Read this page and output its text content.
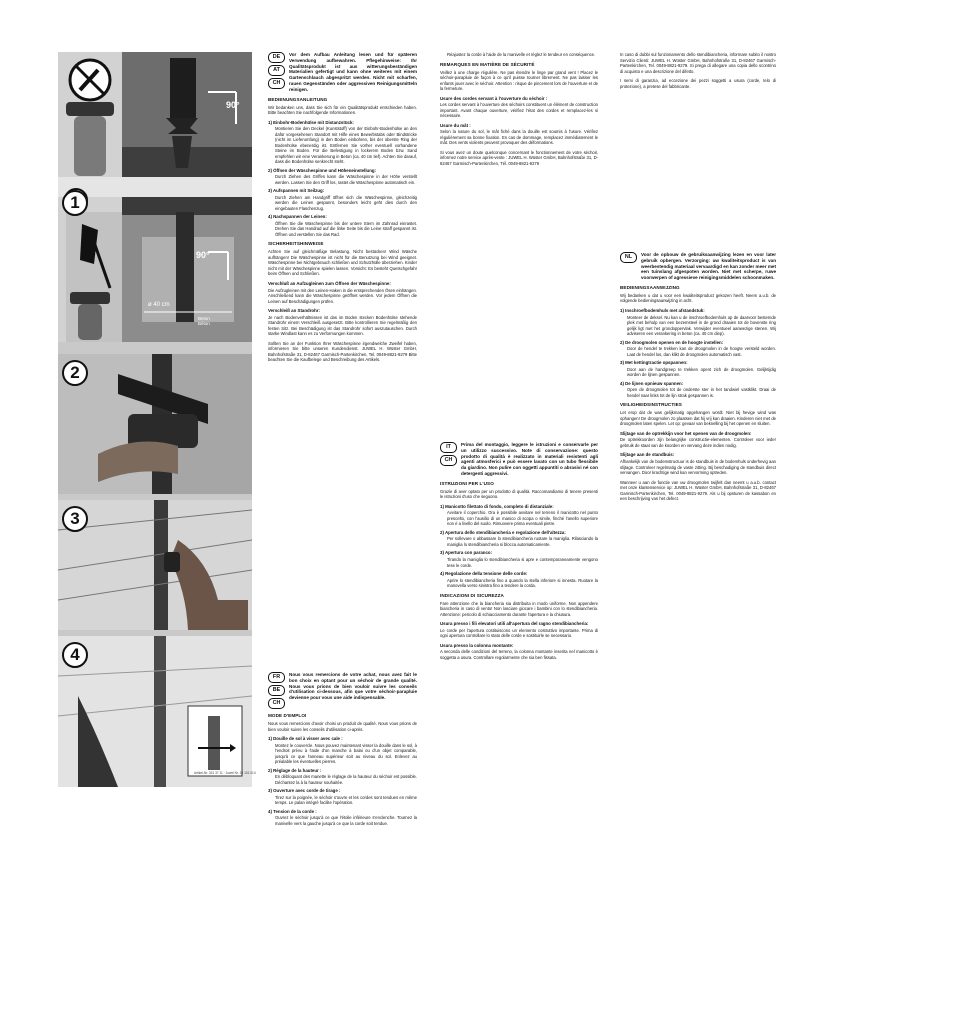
1
90°
90°
ø 40 cm
Beton
Béton
2
3
4
Artikel-Nr. 331 37 11 · Juwel Nr. 30 101 014
DE
AT
CH
Vor dem Aufbau Anleitung lesen und für späteren Verwendung aufbewahren. Pflegehinweise: Ihr Qualitätsprodukt ist aus witterungsbeständigen Materialien gefertigt und kann ohne weiteres mit einem Gartenschlauch abgespritzt werden. Nicht mit scharfen, rauen Gegenständen oder aggressiven Reinigungsmitteln reinigen.
BEDIENUNGSANLEITUNG

Wir bedanken uns, dass Sie sich für ein Qualitätsprodukt entschieden haben. Bitte beachten Sie nachfolgende Informationen.

1) Einbohr-Bodenhülse mit Distanzstück:

Montieren Sie den Deckel (Kunststoff) von der Einbohr-Bodenhülse an den dafür vorgesehenen Standort mit Hilfe eines Bewerbstabs oder Bindstricke (nicht im Lieferumfang) in den Boden einbohren, bis der oberste Ring der Bodenhülse ebenerdig ist. Entfernen Sie vorher eventuell vorhandene Steine im Boden. Für die Befestigung in lockerem Boden bzw. Sand empfehlen wir eine Verankerung in Beton (ca. 40 cm tief). Achten Sie darauf, dass die Bodenhülse senkrecht steht.

2) Öffnen der Wäschespinne und Höheneinstellung:

Durch Ziehen des Griffes kann die Wäschespinne in der Höhe verstellt werden. Lassen Sie den Griff los, rastet die Wäschespinne automatisch ein.

3) Aufspannen mit Seilzug:

Durch Ziehen am Handgriff öffnet sich die Wäschespinne, gleichzeitig werden die Leinen gespannt, besonders leicht geht dies durch den eingebauten Flaschenzug.

4) Nachspannen der Leinen:

Öffnen Sie die Wäschespinne bis der untere Stern im Zahnrad einrastet. Drehen Sie das Handrad auf die linke Seite bis die Leine straff gespannt ist. Öffnen und verstellen Sie das Rad.

SICHERHEITSHINWEISE

Achten Sie auf gleichmäßige Belastung. Nicht bestücken! Wind Wäsche aufhängen! Die Wäschespinne ist nicht für die Benutzung bei Wind geeignet. Wäschespinne bei Nichtgebrauch schließen und Schutzhülle überziehen. Kinder nicht mit der Wäschespinne spielen lassen. Vorsicht: Es besteht Quetschgefahr beim Öffnen und Schließen.

Verschluß an Aufzugleinen zum Öffnen der Wäschespinne:

Die Aufzugleinen mit den Leinen-Haken in die entsprechenden Ösen einhängen. Anschließend kann die Wäschespinne geöffnet werden. Vor jedem Öffnen die Leinen auf Beschädigungen prüfen.

Verschleiß an Standrohr:

Je nach Bodenverhältnissen ist das im Boden stecken Bodenhülse stehende Standrohr einem Verschleiß ausgesetzt. Bitte kontrollieren Sie regelmäßig den festen Sitz. Bei Beschädigung ist das Standrohr sofort auszutauschen. Durch starke Windlast kann es zu Verformungen kommen.

Sollten Sie an der Funktion Ihrer Wäschespinne irgendwelche Zweifel haben, informieren Sie bitte unseren Kundendienst. JUWEL H. Wüster GmbH, Bahnhofstraße 31, D-82467 Garmisch-Partenkirchen, Tel. 0049-8821-9279 Bitte beachten Sie die Kaufbelege und Beschreibung des Artikels.

FR
BE
CH
Nous vous remercions de votre achat, nous avez fait le bon choix en optant pour un séchoir de grande qualité. Nous vous prions de bien vouloir suivre les conseils d'utilisation ci-dessous, afin que votre séchoir-parapluie devienne pour vous une aide indispensable.
MODE D'EMPLOI

Nous vous remercions d'avoir choisi un produit de qualité. Nous vous prions de bien vouloir suivre les conseils d'utilisation ci-après.

1) Douille de sol à visser avec cale :

Montez le couvercle. Nous pouvez maintenant visser la douille dans le sol, à l'endroit prévu à l'aide d'un manche à balai ou d'un objet comparable, jusqu'à ce que l'anneau supérieur soit au niveau du sol. Enlevez au préalable les éventuelles pierres.

2) Réglage de la hauteur :

En débloquant des manette le réglage de la hauteur du séchoir est possible. Déchantez la à la hauteur souhaitée.

3) Ouverture avec corde de tirage :

Tirez sur la poignée, le séchoir s'ouvre et les cordes sont tendues en même temps. Le palan intégré facilite l'opération.

4) Tension de la corde :

Ouvrez le séchoir jusqu'à ce que l'étoile inférieure s'enclenche. Tournez la manivelle vers la gauche jusqu'à ce que la corde soit tendue.

Réajustez la corde à l'aide de la manivelle et réglez le tendeur en conséquence.

REMARQUES EN MATIÈRE DE SÉCURITÉ

Veillez à une charge régulière. Ne pas étendre le linge par grand vent ! Placez le séchoir-parapluie de façon à ce qu'il puisse tourner librement. Ne pas laisser les enfants jouer avec le séchoir. Attention : risque de pincement lors de l'ouverture et de la fermeture.

Usure des cordes servant à l'ouverture du séchoir :

Les cordes servant à l'ouverture des séchoirs constituent un élément de construction important. Avant chaque ouverture, vérifiez l'état des cordes et remplacez-les si nécessaire.

Usure du mât :

Selon la nature du sol, le mât fiché dans la douille est soumis à l'usure. Vérifiez régulièrement sa bonne fixation. En cas de dommage, remplacez immédiatement le mât. Des vents violents peuvent provoquer des déformations.

Si vous avez un doute quelconque concernant le fonctionnement de votre séchoir, informez notre service après-vente : JUWEL H. Wüster GmbH, Bahnhofstraße 31, D-82467 Garmisch-Partenkirchen, Tél. 0049-8821-9279

IT
CH
Prima del montaggio, leggere le istruzioni e conservarle per un utilizzo successivo. Note di conservazione: questo prodotto di qualità è realizzato in materiali resistenti agli agenti atmosferici e può essere lavato con un tubo flessibile da giardino. Non pulire con oggetti appuntiti o abrasivi né con detergenti aggressivi.
ISTRUZIONI PER L'USO

Grazie di aver optato per un prodotto di qualità. Raccomandiamo di tenere presenti le istruzioni d'uso che seguono.

1) Manicotto filettato di fondo, completo di distanziale:

Avvitare il coperchio. Ora è possibile avvitare nel terreno il manicotto nel punto prescelto, con l'ausilio di un manico di scopa o simile, finché l'anello superiore non è a livello del suolo. Rimuovere prima eventuali pietre.

2) Apertura dello stendibiancheria e regolazione dell'altezza:

Per sollevare o abbassare lo stendibiancheria ruotare la maniglia. Rilasciando la maniglia lo stendibiancheria si blocca automaticamente.

3) Apertura con paranco:

Tirando la maniglia lo stendibiancheria si apre e contemporaneamente vengono tese le corde.

4) Regolazione della tensione delle corde:

Aprire lo stendibiancheria fino a quando la stella inferiore si innesta. Ruotare la manovella verso sinistra fino a tendere la corda.

INDICAZIONI DI SICUREZZA

Fare attenzione che la biancheria sia distribuita in modo uniforme. Non appendere biancheria in caso di vento! Non lasciare giocare i bambini con lo stendibiancheria. Attenzione: pericolo di schiacciamento durante l'apertura e la chiusura.

Usura presso i fili elevatori utili all'apertura del ragno stendibiancheria:

Le corde per l'apertura costituiscono un elemento costruttivo importante. Prima di ogni apertura controllare lo stato delle corde e sostituirle se necessario.

Usura presso la colonna montante:

A seconda delle condizioni del terreno, la colonna montante inserita nel manicotto è soggetta a usura. Controllare regolarmente che sia ben fissata.

In caso di dubbi sul funzionamento dello stendibiancheria, informare subito il nostro Servizio Clienti: JUWEL H. Wüster GmbH, Bahnhofstraße 31, D-82467 Garmisch-Partenkirchen, Tel. 0049-8821-9279. Si prega di allegare una copia dello scontrino di acquisto e una descrizione del difetto.

I semi di garanzia, ad eccezione dei pezzi soggetti a usura (corde, telo di protezione), a pretese del fabbricante.

NL	Voor de opbouw de gebruiksaanwijzing lezen en voor later gebruik opbergen. Verzorging: uw kwaliteitsproduct is van weerbestendig materiaal vervaardigd en kan zonder meer met een tuinslang afgespoten worden. Niet met scherpe, ruwe voorwerpen of agressieve reinigingsmiddelen schoonmaken.
BEDIENINGSAANWIJZING

Wij bedanken u dat u voor een kwaliteitsproduct gekozen heeft. Neem a.u.b. de volgende bedieningsaanwijzing in acht.

1) Inschroefbodemhuls met afstandstuk:

Monteer de deksel. Nu kan u de inschroefbodemhuls op de daarvoor bestemde plek met behulp van een bezemsteel in de grond draaien tot de bovenste ring gelijk ligt met het grondoppervlak. Verwijder eventueel aanwezige stenen. Wij adviseren een verankering in beton (ca. 40 cm diep).

2) De droogmolen openen en de hoogte instellen:

Door de hendel te trekken kan de droogmolen in de hoogte versteld worden. Laat de hendel los, dan klikt de droogmolen automatisch vast.

3) Met kettingtractie opspannen:

Door aan de handgreep te trekken opent zich de droogmolen. Gelijktijdig worden de lijnen gespannen.

4) De lijnen opnieuw spannen:

Open de droogmolen tot de onderste ster in het tandwiel vastklikt. Draai de hendel naar links tot de lijn strak gespannen is.

VEILIGHEIDSINSTRUCTIES

Let erop dat de was gelijkmatig opgehangen wordt. Niet bij hevige wind was ophangen! De droogmolen zo plaatsen dat hij vrij kan draaien. Kinderen niet met de droogmolen laten spelen. Let op: gevaar van beknelling bij het openen en sluiten.

Slijtage van de optrekkijn voor het openen van de droogmolen:

De optrekkoorden zijn belangrijke constructie-elementen. Controleer voor ieder gebruik de staat van de koorden en vervang deze indien nodig.

Slijtage aan de standbuis:

Afhankelijk van de bodemstructuur is de standbuis in de bodemhuls onderhevig aan slijtage. Controleer regelmatig de vaste zitting. Bij beschadiging de standbuis direct vervangen. Door krachtige wind kan vervorming optreden.

Wanneer u aan de functie van uw droogmolen twijfelt dan neemt u a.u.b. contact met onze klantenservice op: JUWEL H. Wüster GmbH, Bahnhofstraße 31, D-82467 Garmisch-Partenkirchen, Tel. 0049-8821-9279. Als u bij opsturen de kassabon en een beschrijving van het defect.
